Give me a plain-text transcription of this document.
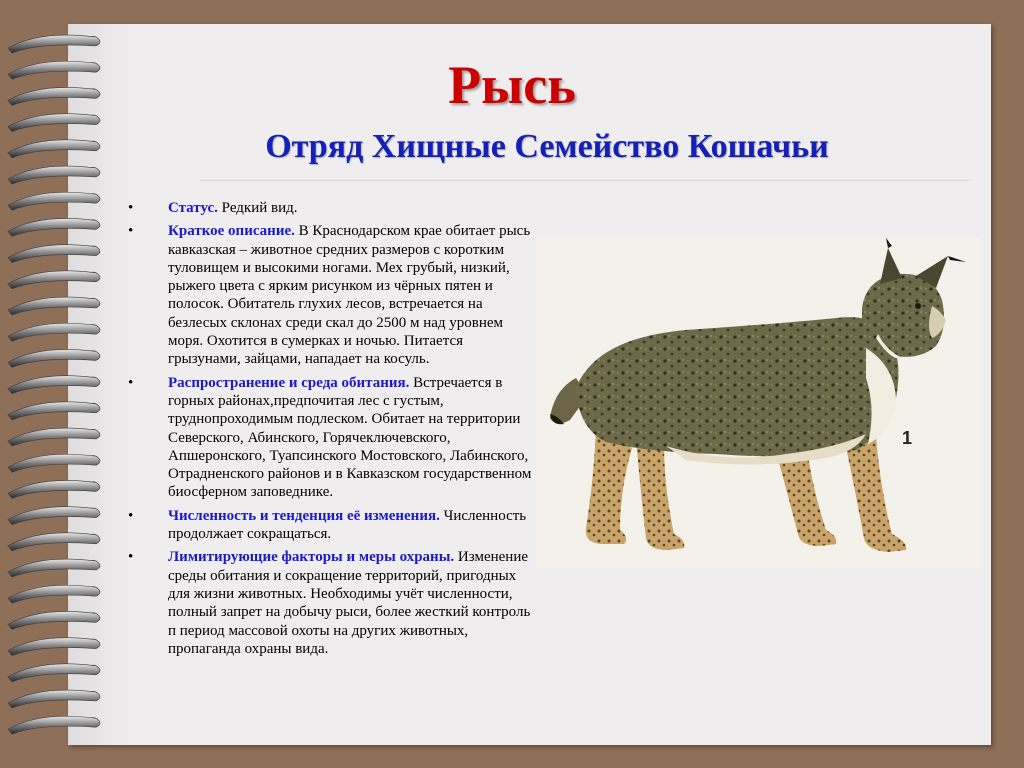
Рысь
Отряд Хищные Семейство Кошачьи
• Статус. Редкий вид.
• Краткое описание. В Краснодарском крае обитает рысь кавказская – животное средних размеров с коротким туловищем и высокими ногами. Мех грубый, низкий, рыжего цвета с ярким рисунком из чёрных пятен и полосок. Обитатель глухих лесов, встречается на безлесых склонах среди скал до 2500 м над уровнем моря. Охотится в сумерках и ночью. Питается грызунами, зайцами, нападает на косуль.
• Распространение и среда обитания. Встречается в горных районах,предпочитая лес с густым, труднопроходимым подлеском. Обитает на территории Северского, Абинского, Горячеключевского, Апшеронского, Туапсинского Мостовского, Лабинского, Отрадненского районов и в Кавказском государственном биосферном заповеднике.
• Численность и тенденция её изменения. Численность продолжает сокращаться.
• Лимитирующие факторы и меры охраны. Изменение среды обитания и сокращение территорий, пригодных для жизни животных. Необходимы учёт численности, полный запрет на добычу рыси, более жесткий контроль п период массовой охоты на других животных, пропаганда охраны вида.
1
